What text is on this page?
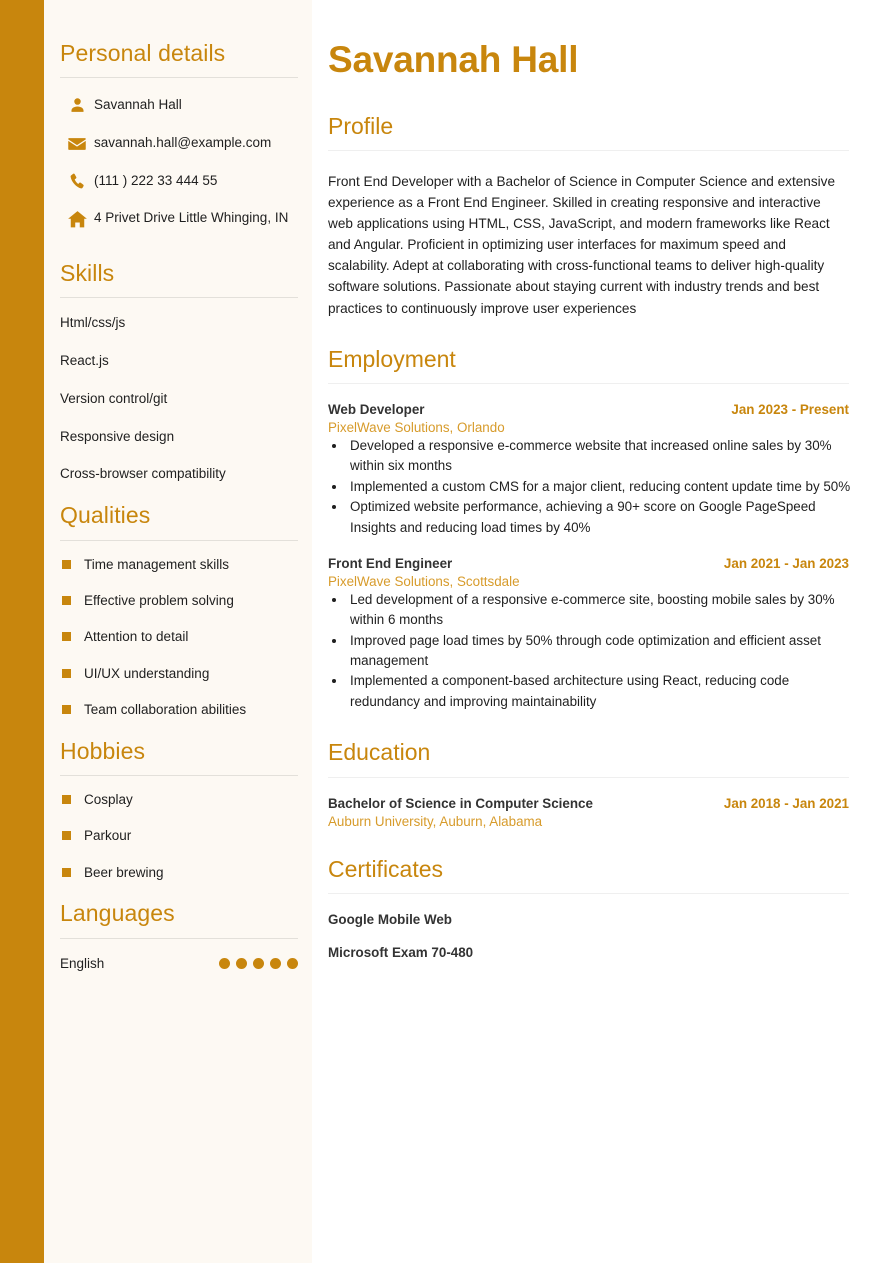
Personal details
Savannah Hall
savannah.hall@example.com
(111 ) 222 33 444 55
4 Privet Drive Little Whinging, IN
Skills
Html/css/js
React.js
Version control/git
Responsive design
Cross-browser compatibility
Qualities
Time management skills
Effective problem solving
Attention to detail
UI/UX understanding
Team collaboration abilities
Hobbies
Cosplay
Parkour
Beer brewing
Languages
English
Savannah Hall
Profile

Front End Developer with a Bachelor of Science in Computer Science and extensive experience as a Front End Engineer. Skilled in creating responsive and interactive web applications using HTML, CSS, JavaScript, and modern frameworks like React and Angular. Proficient in optimizing user interfaces for maximum speed and scalability. Adept at collaborating with cross-functional teams to deliver high-quality software solutions. Passionate about staying current with industry trends and best practices to continuously improve user experiences

Employment
Web Developer	Jan 2023 - Present
PixelWave Solutions, Orlando
• Developed a responsive e-commerce website that increased online sales by 30% within six months
• Implemented a custom CMS for a major client, reducing content update time by 50%
• Optimized website performance, achieving a 90+ score on Google PageSpeed Insights and reducing load times by 40%
Front End Engineer	Jan 2021 - Jan 2023
PixelWave Solutions, Scottsdale
• Led development of a responsive e-commerce site, boosting mobile sales by 30% within 6 months
• Improved page load times by 50% through code optimization and efficient asset management
• Implemented a component-based architecture using React, reducing code redundancy and improving maintainability
Education
Bachelor of Science in Computer Science	Jan 2018 - Jan 2021
Auburn University, Auburn, Alabama
Certificates
Google Mobile Web
Microsoft Exam 70-480
